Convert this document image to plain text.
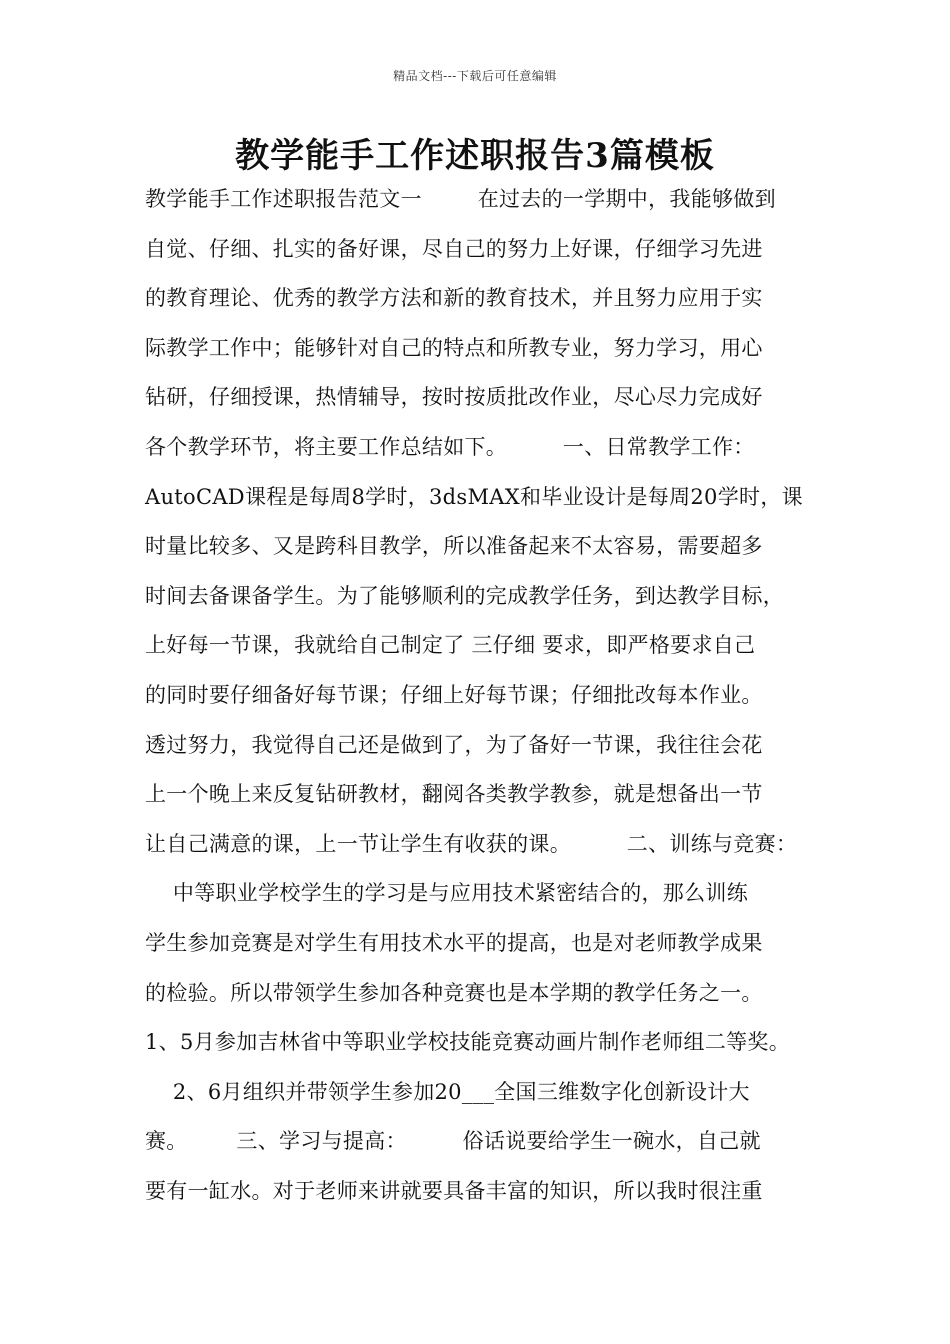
精品文档---下载后可任意编辑
教学能手工作述职报告3篇模板
教学能手工作述职报告范文一        在过去的一学期中，我能够做到
自觉、仔细、扎实的备好课，尽自己的努力上好课，仔细学习先进
的教育理论、优秀的教学方法和新的教育技术，并且努力应用于实
际教学工作中；能够针对自己的特点和所教专业，努力学习，用心
钻研，仔细授课，热情辅导，按时按质批改作业，尽心尽力完成好
各个教学环节，将主要工作总结如下。        一、日常教学工作：
AutoCAD课程是每周8学时，3dsMAX和毕业设计是每周20学时，课
时量比较多、又是跨科目教学，所以准备起来不太容易，需要超多
时间去备课备学生。为了能够顺利的完成教学任务，到达教学目标，
上好每一节课，我就给自己制定了 三仔细 要求，即严格要求自己
的同时要仔细备好每节课；仔细上好每节课；仔细批改每本作业。
透过努力，我觉得自己还是做到了，为了备好一节课，我往往会花
上一个晚上来反复钻研教材，翻阅各类教学教参，就是想备出一节
让自己满意的课，上一节让学生有收获的课。        二、训练与竞赛：
中等职业学校学生的学习是与应用技术紧密结合的，那么训练
学生参加竞赛是对学生有用技术水平的提高，也是对老师教学成果
的检验。所以带领学生参加各种竞赛也是本学期的教学任务之一。
1、5月参加吉林省中等职业学校技能竞赛动画片制作老师组二等奖。
2、6月组织并带领学生参加20___全国三维数字化创新设计大
赛。       三、学习与提高：        俗话说要给学生一碗水，自己就
要有一缸水。对于老师来讲就要具备丰富的知识，所以我时很注重
